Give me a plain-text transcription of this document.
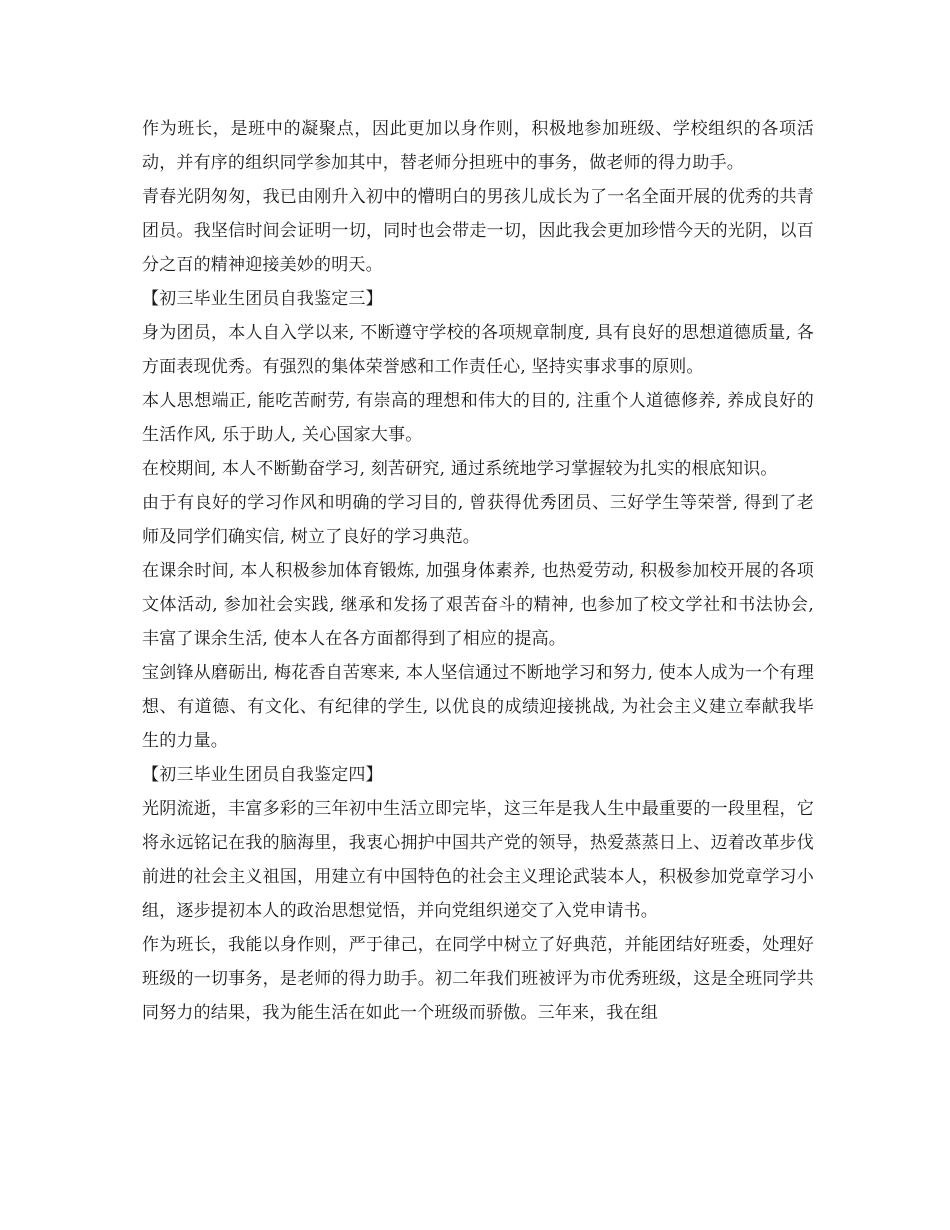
作为班长，是班中的凝聚点，因此更加以身作则，积极地参加班级、学校组织的各项活动，并有序的组织同学参加其中，替老师分担班中的事务，做老师的得力助手。

青春光阴匆匆，我已由刚升入初中的懵明白的男孩儿成长为了一名全面开展的优秀的共青团员。我坚信时间会证明一切，同时也会带走一切，因此我会更加珍惜今天的光阴，以百分之百的精神迎接美妙的明天。

【初三毕业生团员自我鉴定三】

身为团员，本人自入学以来, 不断遵守学校的各项规章制度, 具有良好的思想道德质量, 各方面表现优秀。有强烈的集体荣誉感和工作责任心, 坚持实事求事的原则。

本人思想端正, 能吃苦耐劳, 有崇高的理想和伟大的目的, 注重个人道德修养, 养成良好的生活作风, 乐于助人, 关心国家大事。

在校期间, 本人不断勤奋学习, 刻苦研究, 通过系统地学习掌握较为扎实的根底知识。

由于有良好的学习作风和明确的学习目的, 曾获得优秀团员、三好学生等荣誉, 得到了老师及同学们确实信, 树立了良好的学习典范。

在课余时间, 本人积极参加体育锻炼, 加强身体素养, 也热爱劳动, 积极参加校开展的各项文体活动, 参加社会实践, 继承和发扬了艰苦奋斗的精神, 也参加了校文学社和书法协会, 丰富了课余生活, 使本人在各方面都得到了相应的提高。

宝剑锋从磨砺出, 梅花香自苦寒来, 本人坚信通过不断地学习和努力, 使本人成为一个有理想、有道德、有文化、有纪律的学生, 以优良的成绩迎接挑战, 为社会主义建立奉献我毕生的力量。

【初三毕业生团员自我鉴定四】

光阴流逝，丰富多彩的三年初中生活立即完毕，这三年是我人生中最重要的一段里程，它将永远铭记在我的脑海里，我衷心拥护中国共产党的领导，热爱蒸蒸日上、迈着改革步伐前进的社会主义祖国，用建立有中国特色的社会主义理论武装本人，积极参加党章学习小组，逐步提初本人的政治思想觉悟，并向党组织递交了入党申请书。

作为班长，我能以身作则，严于律己，在同学中树立了好典范，并能团结好班委，处理好班级的一切事务，是老师的得力助手。初二年我们班被评为市优秀班级，这是全班同学共同努力的结果，我为能生活在如此一个班级而骄傲。三年来，我在组
